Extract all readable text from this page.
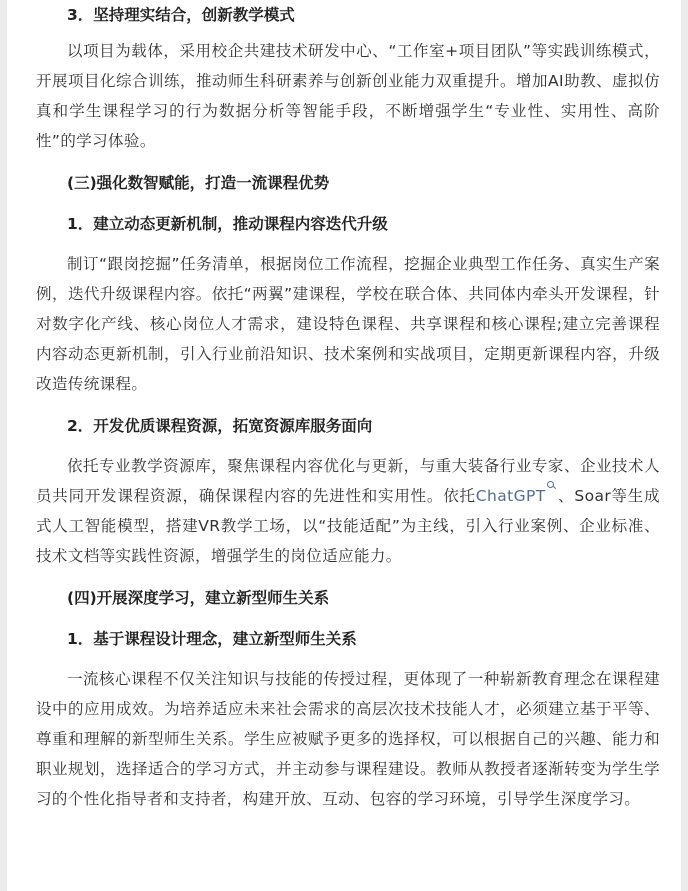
3．坚持理实结合，创新教学模式

以项目为载体，采用校企共建技术研发中心、“工作室+项目团队”等实践训练模式，开展项目化综合训练，推动师生科研素养与创新创业能力双重提升。增加AI助教、虚拟仿真和学生课程学习的行为数据分析等智能手段，不断增强学生“专业性、实用性、高阶性”的学习体验。

(三)强化数智赋能，打造一流课程优势

1．建立动态更新机制，推动课程内容迭代升级

制订“跟岗挖掘”任务清单，根据岗位工作流程，挖掘企业典型工作任务、真实生产案例，迭代升级课程内容。依托“两翼”建课程，学校在联合体、共同体内牵头开发课程，针对数字化产线、核心岗位人才需求，建设特色课程、共享课程和核心课程;建立完善课程内容动态更新机制，引入行业前沿知识、技术案例和实战项目，定期更新课程内容，升级改造传统课程。

2．开发优质课程资源，拓宽资源库服务面向

依托专业教学资源库，聚焦课程内容优化与更新，与重大装备行业专家、企业技术人员共同开发课程资源，确保课程内容的先进性和实用性。依托ChatGPT 、Soar等生成式人工智能模型，搭建VR教学工场，以“技能适配”为主线，引入行业案例、企业标准、技术文档等实践性资源，增强学生的岗位适应能力。

(四)开展深度学习，建立新型师生关系

1．基于课程设计理念，建立新型师生关系

一流核心课程不仅关注知识与技能的传授过程，更体现了一种崭新教育理念在课程建设中的应用成效。为培养适应未来社会需求的高层次技术技能人才，必须建立基于平等、尊重和理解的新型师生关系。学生应被赋予更多的选择权，可以根据自己的兴趣、能力和职业规划，选择适合的学习方式，并主动参与课程建设。教师从教授者逐渐转变为学生学习的个性化指导者和支持者，构建开放、互动、包容的学习环境，引导学生深度学习。
